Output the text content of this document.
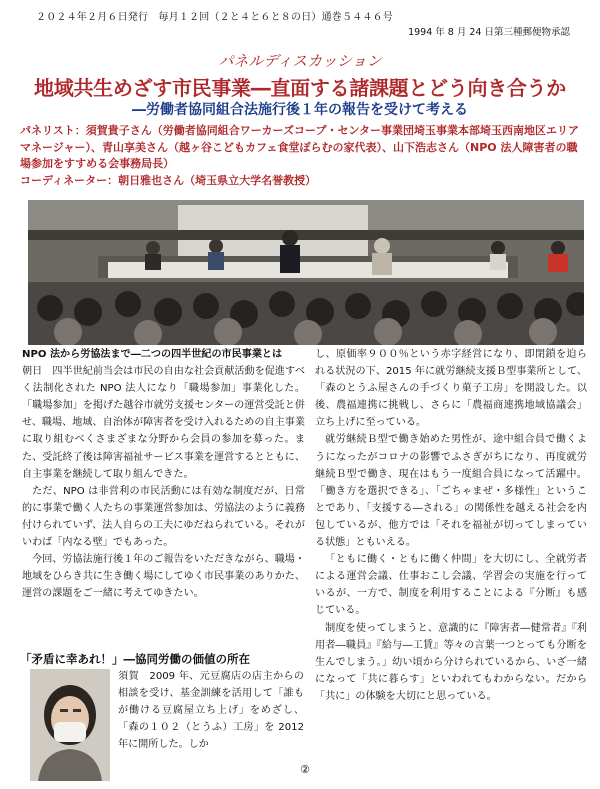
２０２４年２月６日発行　毎月１２回（２と４と６と８の日）通巻５４４６号
1994 年 8 月 24 日第三種郵便物承認
パネルディスカッション
地域共生めざす市民事業―直面する諸課題とどう向き合うか
―労働者協同組合法施行後１年の報告を受けて考える
パネリスト：須賀貴子さん（労働者協同組合ワーカーズコープ・センター事業団埼玉事業本部埼玉西南地区エリアマネージャー）、青山享美さん（越ヶ谷こどもカフェ食堂ぽらむの家代表）、山下浩志さん（NPO 法人障害者の職場参加をすすめる会事務局長）
コーディネーター：朝日雅也さん（埼玉県立大学名誉教授）

NPO 法から労協法まで―二つの四半世紀の市民事業とは

朝日　四半世紀前当会は市民の自由な社会貢献活動を促進すべく法制化された NPO 法人になり「職場参加」事業化した。「職場参加」を掲げた越谷市就労支援センターの運営受託と併せ、職場、地域、自治体が障害者を受け入れるための自主事業に取り組むべくさまざまな分野から会員の参加を募った。また、受託終了後は障害福祉サービス事業を運営するとともに、自主事業を継続して取り組んできた。

ただ、NPO は非営利の市民活動には有効な制度だが、日常的に事業で働く人たちの事業運営参加は、労協法のように義務付けられていず、法人自らの工夫にゆだねられている。それがいわば「内なる壁」でもあった。

今回、労協法施行後１年のご報告をいただきながら、職場・地域をひらき共に生き働く場にしてゆく市民事業のありかた、運営の課題をご一緒に考えてゆきたい。

「矛盾に幸あれ！」―協同労働の価値の所在

須賀　2009 年、元豆腐店の店主からの相談を受け、基金訓練を活用して「誰もが働ける豆腐屋立ち上げ」をめざし、「森の１０２（とうふ）工房」を 2012 年に開所した。しか

し、原価率９００％という赤字経営になり、即閉鎖を迫られる状況の下、2015 年に就労継続支援Ｂ型事業所として、「森のとうふ屋さんの手づくり菓子工房」を開設した。以後、農福連携に挑戦し、さらに「農福商連携地域協議会」立ち上げに至っている。

就労継続Ｂ型で働き始めた男性が、途中組合員で働くようになったがコロナの影響でふさぎがちになり、再度就労継続Ｂ型で働き、現在はもう一度組合員になって活躍中。「働き方を選択できる」、「ごちゃまぜ・多様性」ということであり、「支援する―される」の関係性を越える社会を内包しているが、他方では「それを福祉が切ってしまっている状態」ともいえる。

「ともに働く・ともに働く仲間」を大切にし、全就労者による運営会議、仕事おこし会議、学習会の実施を行っているが、一方で、制度を利用することによる『分断』も感じている。

制度を使ってしまうと、意識的に『障害者―健常者』『利用者―職員』『給与―工賃』等々の言葉一つとっても分断を生んでしまう。」幼い頃から分けられているから、いざ一緒になって「共に暮らす」といわれてもわからない。だから「共に」の体験を大切にと思っている。

②
